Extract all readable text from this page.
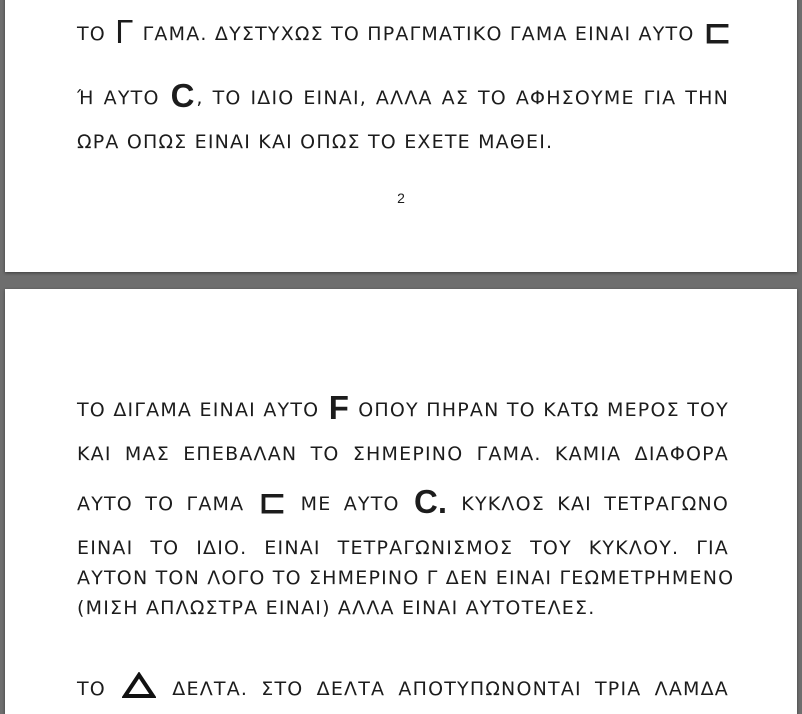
ΤΟ Γ ΓΑΜΑ. ΔΥΣΤΥΧΩΣ ΤΟ ΠΡΑΓΜΑΤΙΚΟ ΓΑΜΑ ΕΙΝΑΙ ΑΥΤΟ ⊏
Ή ΑΥΤΟ C , ΤΟ ΙΔΙΟ ΕΙΝΑΙ, ΑΛΛΑ ΑΣ ΤΟ ΑΦΗΣΟΥΜΕ ΓΙΑ ΤΗΝ
ΩΡΑ ΟΠΩΣ ΕΙΝΑΙ ΚΑΙ ΟΠΩΣ ΤΟ ΕΧΕΤΕ ΜΑΘΕΙ.
2
ΤΟ ΔΙΓΑΜΑ ΕΙΝΑΙ ΑΥΤΟ F ΟΠΟΥ ΠΗΡΑΝ ΤΟ ΚΑΤΩ ΜΕΡΟΣ ΤΟΥ
ΚΑΙ ΜΑΣ ΕΠΕΒΑΛΑΝ ΤΟ ΣΗΜΕΡΙΝΟ ΓΑΜΑ. ΚΑΜΙΑ ΔΙΑΦΟΡΑ
ΑΥΤΟ ΤΟ ΓΑΜΑ ⊏ ΜΕ ΑΥΤΟ C. ΚΥΚΛΟΣ ΚΑΙ ΤΕΤΡΑΓΩΝΟ
ΕΙΝΑΙ ΤΟ ΙΔΙΟ. ΕΙΝΑΙ ΤΕΤΡΑΓΩΝΙΣΜΟΣ ΤΟΥ ΚΥΚΛΟΥ. ΓΙΑ
ΑΥΤΟΝ ΤΟΝ ΛΟΓΟ ΤΟ ΣΗΜΕΡΙΝΟ Γ ΔΕΝ ΕΙΝΑΙ ΓΕΩΜΕΤΡΗΜΕΝΟ
(ΜΙΣΗ ΑΠΛΩΣΤΡΑ ΕΙΝΑΙ) ΑΛΛΑ ΕΙΝΑΙ ΑΥΤΟΤΕΛΕΣ.
ΤΟ  ΔΕΛΤΑ. ΣΤΟ ΔΕΛΤΑ ΑΠΟΤΥΠΩΝΟΝΤΑΙ ΤΡΙΑ ΛΑΜΔΑ
